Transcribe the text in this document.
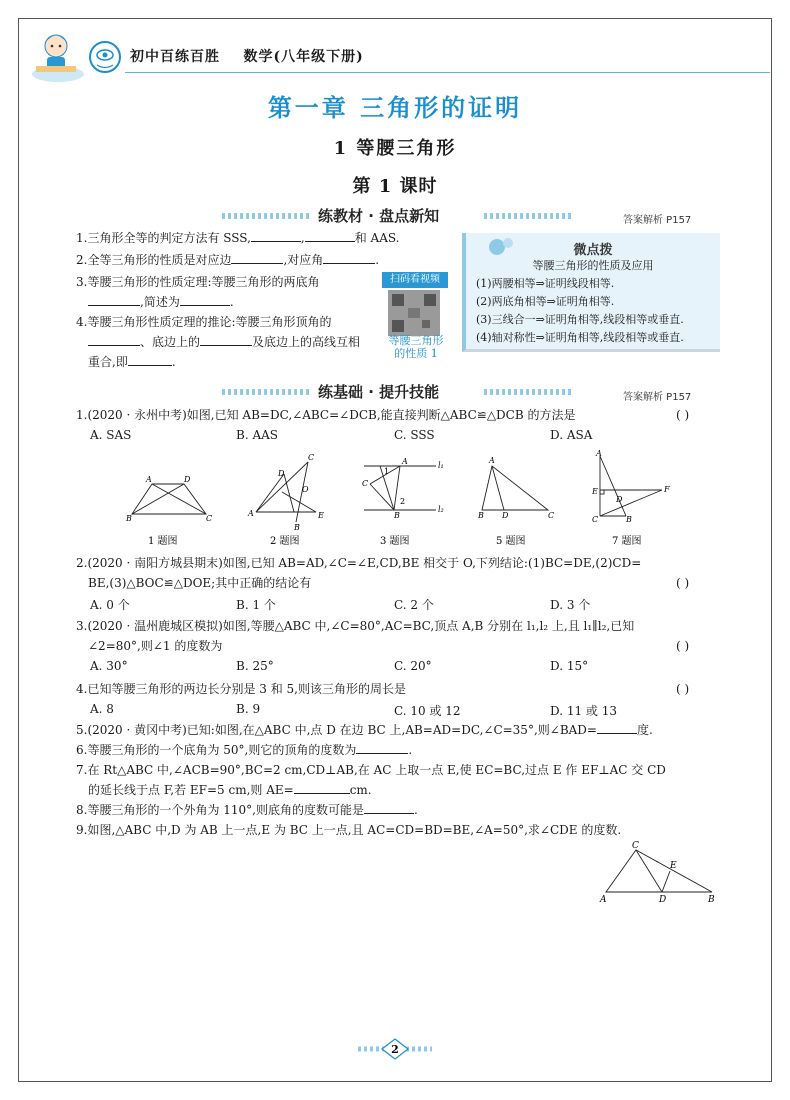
初中百练百胜 数学(八年级下册)
第一章 三角形的证明
1 等腰三角形
第 1 课时
练教材 · 盘点新知	答案解析 P157
1.三角形全等的判定方法有 SSS,	,	和 AAS.
2.全等三角形的性质是对应边	,对应角	.
3.等腰三角形的性质定理:等腰三角形的两底角
,简述为	.
4.等腰三角形性质定理的推论:等腰三角形顶角的
、底边上的	及底边上的高线互相
重合,即	.
扫码看视频
等腰三角形
的性质 1
微点拨
等腰三角形的性质及应用
(1)两腰相等⇒证明线段相等.
(2)两底角相等⇒证明角相等.
(3)三线合一⇒证明角相等,线段相等或垂直.
(4)轴对称性⇒证明角相等,线段相等或垂直.
练基础 · 提升技能	答案解析 P157
1.(2020 · 永州中考)如图,已知 AB=DC,∠ABC=∠DCB,能直接判断△ABC≌△DCB 的方法是	( )
A. SAS	B. AAS	C. SSS	D. ASA
A	D
B	C
1 题图
C
D
O
A
B
E
2 题图
A
C
B
l₁
l₂
1
2
3 题图
A
B D	C
5 题图
A
E
D
F
C	B
7 题图
2.(2020 · 南阳方城县期末)如图,已知 AB=AD,∠C=∠E,CD,BE 相交于 O,下列结论:(1)BC=DE,(2)CD=
BE,(3)△BOC≌△DOE;其中正确的结论有	( )
A. 0 个	B. 1 个	C. 2 个	D. 3 个
3.(2020 · 温州鹿城区模拟)如图,等腰△ABC 中,∠C=80°,AC=BC,顶点 A,B 分别在 l₁,l₂ 上,且 l₁∥l₂,已知
∠2=80°,则∠1 的度数为	( )
A. 30°	B. 25°	C. 20°	D. 15°
4.已知等腰三角形的两边长分别是 3 和 5,则该三角形的周长是	( )
A. 8	B. 9	C. 10 或 12	D. 11 或 13
5.(2020 · 黄冈中考)已知:如图,在△ABC 中,点 D 在边 BC 上,AB=AD=DC,∠C=35°,则∠BAD=	度.
6.等腰三角形的一个底角为 50°,则它的顶角的度数为	.
7.在 Rt△ABC 中,∠ACB=90°,BC=2 cm,CD⊥AB,在 AC 上取一点 E,使 EC=BC,过点 E 作 EF⊥AC 交 CD
的延长线于点 F,若 EF=5 cm,则 AE=	cm.
8.等腰三角形的一个外角为 110°,则底角的度数可能是	.
9.如图,△ABC 中,D 为 AB 上一点,E 为 BC 上一点,且 AC=CD=BD=BE,∠A=50°,求∠CDE 的度数.
C
E
A	D	B
2
